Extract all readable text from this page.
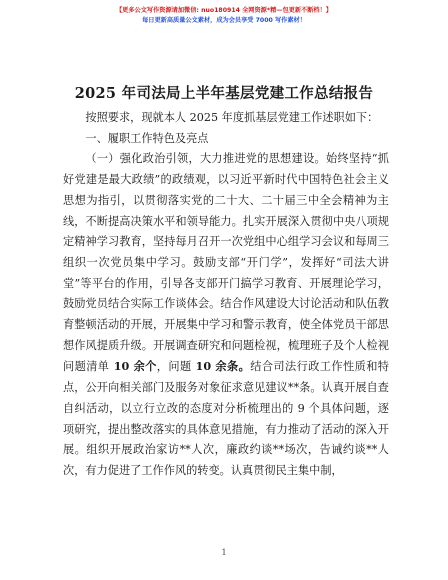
【更多公文写作资源请加微信: nuo180914 全网资源*精—包更新不断档！】
每日更新高质量公文素材，成为会员享受 7000 写作素材！
2025 年司法局上半年基层党建工作总结报告

按照要求，现就本人 2025 年度抓基层党建工作述职如下：

一、履职工作特色及亮点

（一）强化政治引领，大力推进党的思想建设。始终坚持“抓好党建是最大政绩”的政绩观，以习近平新时代中国特色社会主义思想为指引，以贯彻落实党的二十大、二十届三中全会精神为主线，不断提高决策水平和领导能力。扎实开展深入贯彻中央八项规定精神学习教育，坚持每月召开一次党组中心组学习会议和每周三组织一次党员集中学习。鼓励支部“开门学”，发挥好“司法大讲堂”等平台的作用，引导各支部开门搞学习教育、开展理论学习，鼓励党员结合实际工作谈体会。结合作风建设大讨论活动和队伍教育整顿活动的开展，开展集中学习和警示教育，使全体党员干部思想作风提质升级。开展调查研究和问题检视，梳理班子及个人检视问题清单 10 余个，问题 10 余条。结合司法行政工作性质和特点，公开向相关部门及服务对象征求意见建议**条。认真开展自查自纠活动，以立行立改的态度对分析梳理出的 9 个具体问题，逐项研究，提出整改落实的具体意见措施，有力推动了活动的深入开展。组织开展政治家访**人次，廉政约谈**场次，告诫约谈**人次，有力促进了工作作风的转变。认真贯彻民主集中制，

1
